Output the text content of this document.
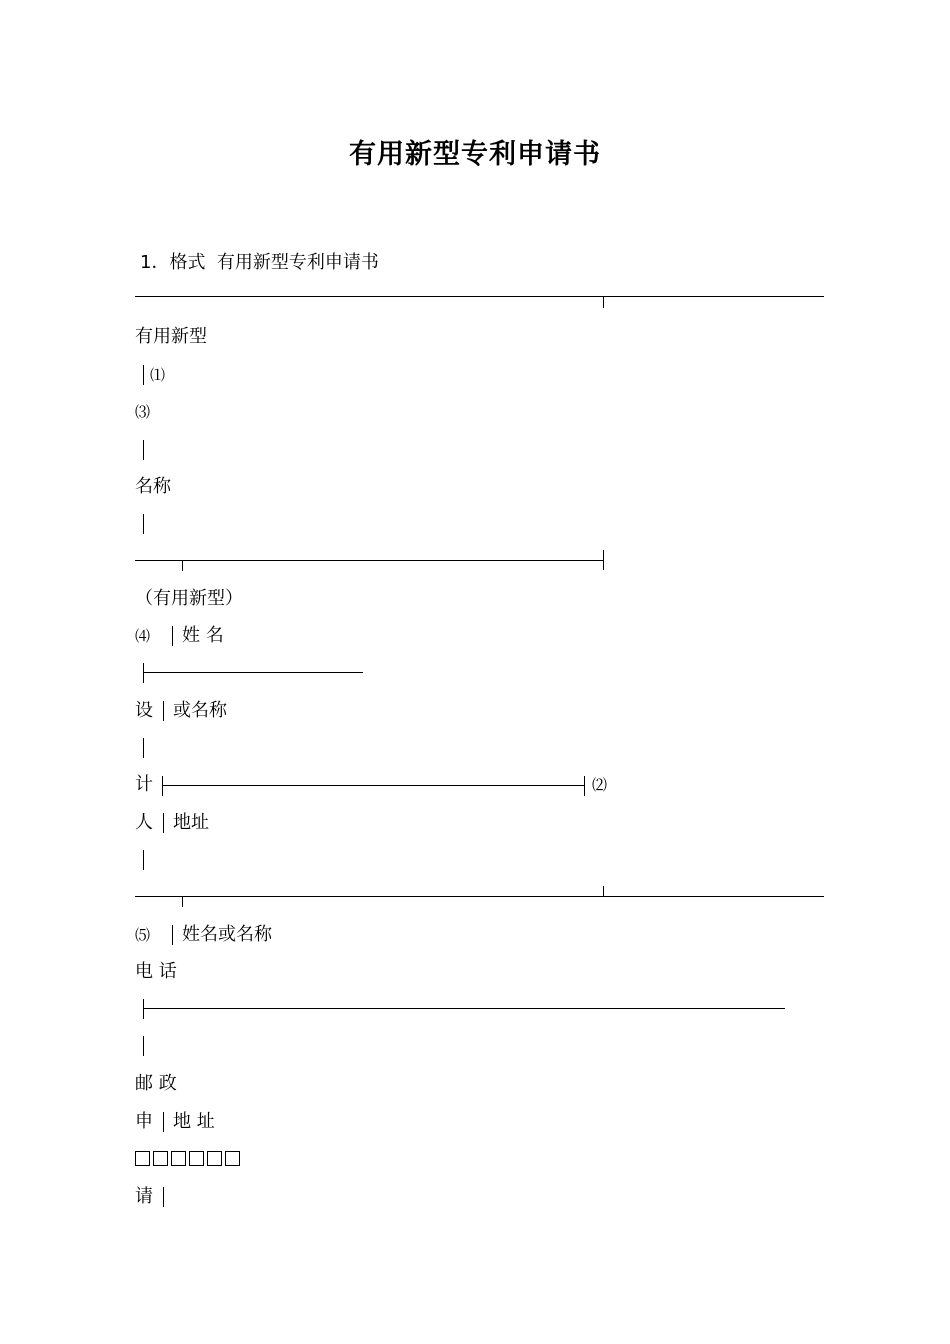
有用新型专利申请书
1．格式  有用新型专利申请书
有用新型
⑴
⑶
名称
（有用新型）
⑷ 姓 名
设 或名称
计	⑵
人 地址
⑸ 姓名或名称
电 话
邮 政
申 地 址
请
